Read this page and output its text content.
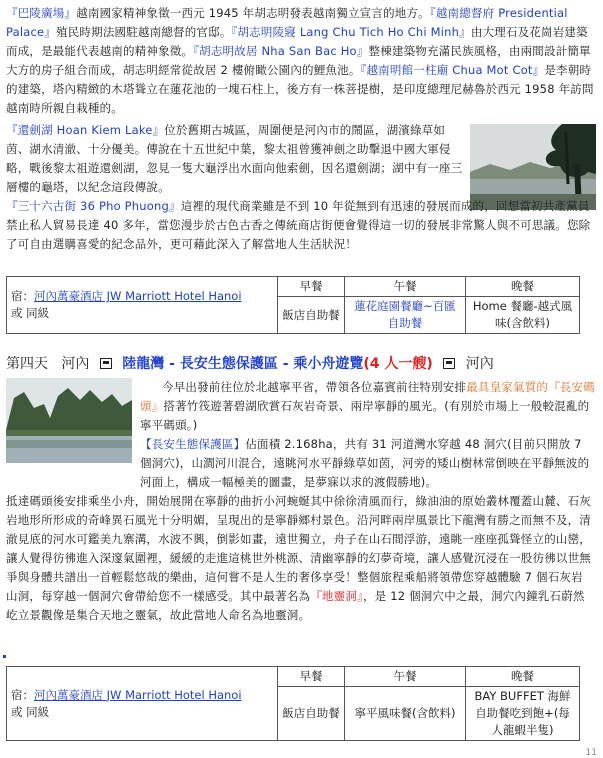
『巴陵廣場』越南國家精神象徵一西元 1945 年胡志明發表越南獨立宣言的地方。『越南總督府 Presidential Palace』殖民時期法國駐越南總督的官邸。『胡志明陵寢 Lang Chu Tich Ho Chi Minh』由大理石及花崗岩建築而成，是最能代表越南的精神象徵。『胡志明故居 Nha San Bac Ho』整棟建築物充滿民族風格，由兩間設計簡單大方的房子組合而成，胡志明經常從故居 2 樓俯瞰公園內的鯉魚池。『越南明館一柱廟 Chua Mot Cot』是李朝時的建築，塔內精緻的木塔聳立在蓮花池的一塊石柱上，後方有一株菩提樹，是印度總理尼赫魯於西元 1958 年訪問越南時所親自栽種的。

『還劍湖 Hoan Kiem Lake』位於舊期古城區，周圍便是河內市的鬧區，湖濱綠草如茵、湖水清澈、十分優美。傳說在十五世紀中葉，黎太祖曾獲神劍之助擊退中國大軍侵略，戰後黎太祖遊還劍湖，忽見一隻大龜浮出水面向他索劍，因名還劍湖；湖中有一座三層樓的龜塔，以紀念這段傳說。

『三十六古街 36 Pho Phuong』這裡的現代商業雖是不到 10 年從無到有迅速的發展而成的，回想當初共產黨員禁止私人貿易長達 40 多年，當您漫步於古色古香之傳統商店街便會覺得這一切的發展非常驚人與不可思議。您除了可自由選購喜愛的紀念品外，更可藉此深入了解當地人生活狀況！

宿：河內萬豪酒店 JW Marriott Hotel Hanoi
或 同級	早餐	午餐	晚餐
	飯店自助餐	蓮花庭園餐廳~百匯自助餐	Home 餐廳-越式風味(含飲料)
第四天 河內 陸龍灣 - 長安生態保護區 - 乘小舟遊覽(4 人一艘) 河內

今早出發前往位於北越寧平省，帶領各位嘉賓前往特別安排最具皇家氣質的『長安碼頭』搭著竹筏遊著碧湖欣賞石灰岩奇景、兩岸寧靜的風光。(有別於市場上一般較混亂的寧平碼頭。)

【長安生態保護區】佔面積 2.168ha，共有 31 河道灣水穿越 48 洞穴(目前只開放 7 個洞穴)，山澗河川混合，遠眺河水平靜綠草如茵，河旁的矮山樹林常倒映在平靜無波的河面上，構成一幅極美的圖畫，是夢寐以求的渡假勝地)。

抵達碼頭後安排乘坐小舟，開始展開在寧靜的曲折小河蜿蜒其中徐徐清風而行，綠油油的原始叢林覆蓋山麓、石灰岩地形所形成的奇峰異石風光十分明媚，呈現出的是寧靜鄉村景色。沿河畔兩岸風景比下龍灣有勝之而無不及，清澈見底的河水可鑑美九寨溝，水波不興，倒影如畫，遠世獨立，舟子在山石間浮游，遠眺一座座孤聳怪立的山巒，讓人覺得彷彿進入深邃氣圍裡，緩緩的走進這桃世外桃源、清幽寧靜的幻夢奇境，讓人感覺沉浸在一股彷彿以世無爭與身體共譜出一首輕鬆悠哉的樂曲，這何嘗不是人生的奢侈享受！整個旅程乘船將領帶您穿越體驗 7 個石灰岩山洞，每穿越一個洞穴會帶給您不一樣感受。其中最著名為『地靈洞』，是 12 個洞穴中之最，洞穴內鐘乳石蔚然屹立景觀像是集合天地之靈氣，故此當地人命名為地靈洞。

宿：河內萬豪酒店 JW Marriott Hotel Hanoi
或 同級	早餐	午餐	晚餐
	飯店自助餐	寧平風味餐(含飲料)	BAY BUFFET 海鮮自助餐吃到飽+(每人龍蝦半隻)
11
